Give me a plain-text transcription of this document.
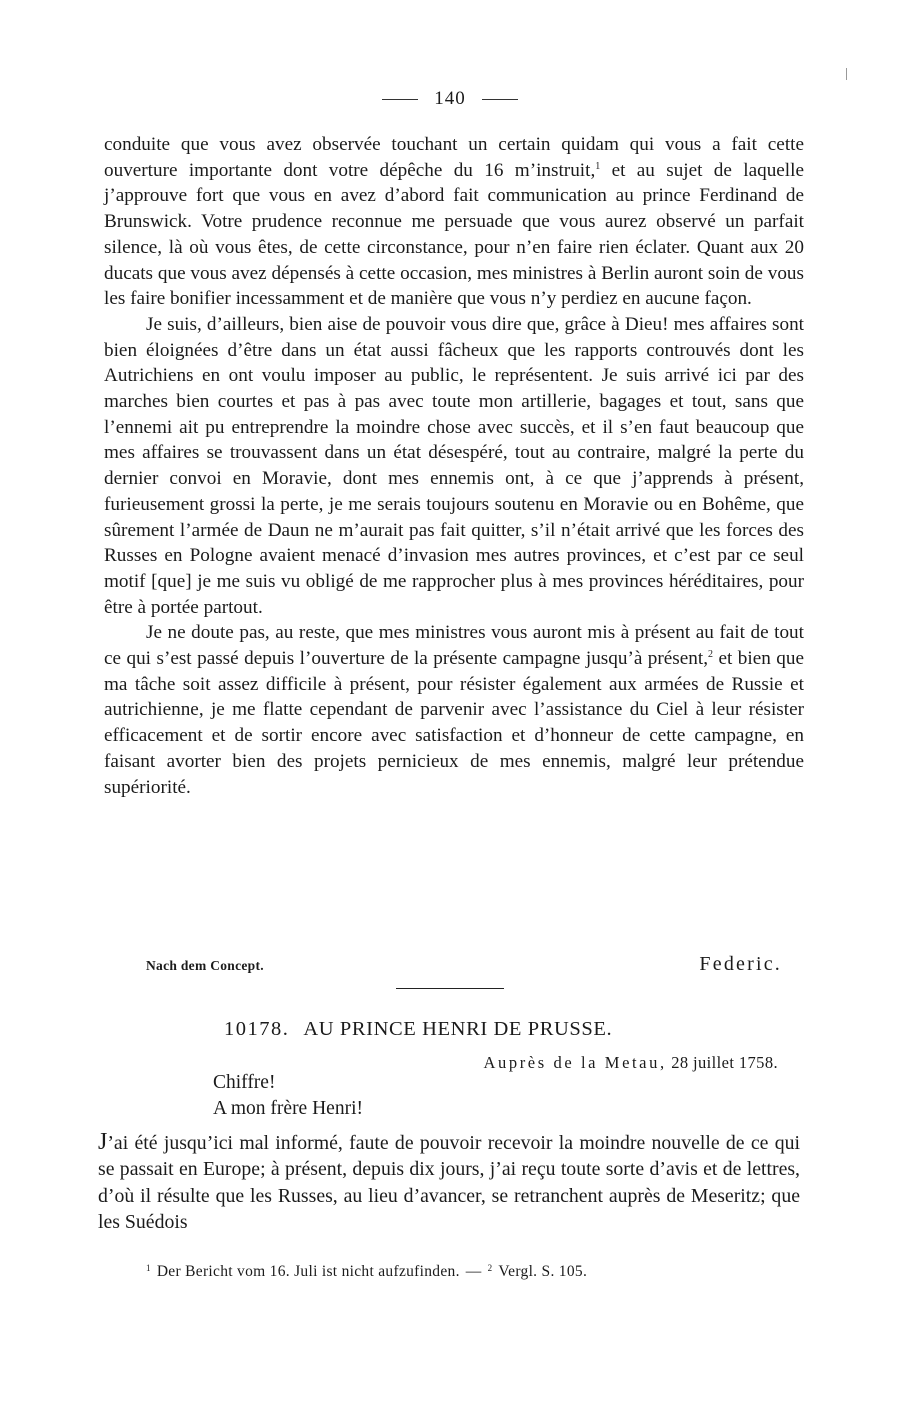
140

conduite que vous avez observée touchant un certain quidam qui vous a fait cette ouverture importante dont votre dépêche du 16 m’instruit,$^1$ et au sujet de laquelle j’approuve fort que vous en avez d’abord fait communication au prince Ferdinand de Brunswick. Votre prudence reconnue me persuade que vous aurez observé un parfait silence, là où vous êtes, de cette circonstance, pour n’en faire rien éclater. Quant aux 20 ducats que vous avez dépensés à cette occasion, mes ministres à Berlin auront soin de vous les faire bonifier incessamment et de manière que vous n’y perdiez en aucune façon.

Je suis, d’ailleurs, bien aise de pouvoir vous dire que, grâce à Dieu! mes affaires sont bien éloignées d’être dans un état aussi fâcheux que les rapports controuvés dont les Autrichiens en ont voulu imposer au public, le représentent. Je suis arrivé ici par des marches bien courtes et pas à pas avec toute mon artillerie, bagages et tout, sans que l’ennemi ait pu entreprendre la moindre chose avec succès, et il s’en faut beaucoup que mes affaires se trouvassent dans un état désespéré, tout au contraire, malgré la perte du dernier convoi en Moravie, dont mes ennemis ont, à ce que j’apprends à présent, furieusement grossi la perte, je me serais toujours soutenu en Moravie ou en Bohême, que sûrement l’armée de Daun ne m’aurait pas fait quitter, s’il n’était arrivé que les forces des Russes en Pologne avaient menacé d’invasion mes autres provinces, et c’est par ce seul motif [que] je me suis vu obligé de me rapprocher plus à mes provinces héréditaires, pour être à portée partout.

Je ne doute pas, au reste, que mes ministres vous auront mis à présent au fait de tout ce qui s’est passé depuis l’ouverture de la présente campagne jusqu’à présent,$^2$ et bien que ma tâche soit assez difficile à présent, pour résister également aux armées de Russie et autrichienne, je me flatte cependant de parvenir avec l’assistance du Ciel à leur résister efficacement et de sortir encore avec satisfaction et d’honneur de cette campagne, en faisant avorter bien des projets pernicieux de mes ennemis, malgré leur prétendue supériorité.

Nach dem Concept.	Federic.
10178. AU PRINCE HENRI DE PRUSSE.
Auprès de la Metau, 28 juillet 1758.
Chiffre!
A mon frère Henri!

J’ai été jusqu’ici mal informé, faute de pouvoir recevoir la moindre nouvelle de ce qui se passait en Europe; à présent, depuis dix jours, j’ai reçu toute sorte d’avis et de lettres, d’où il résulte que les Russes, au lieu d’avancer, se retranchent auprès de Meseritz; que les Suédois

$^1$ Der Bericht vom 16. Juli ist nicht aufzufinden. — $^2$ Vergl. S. 105.
